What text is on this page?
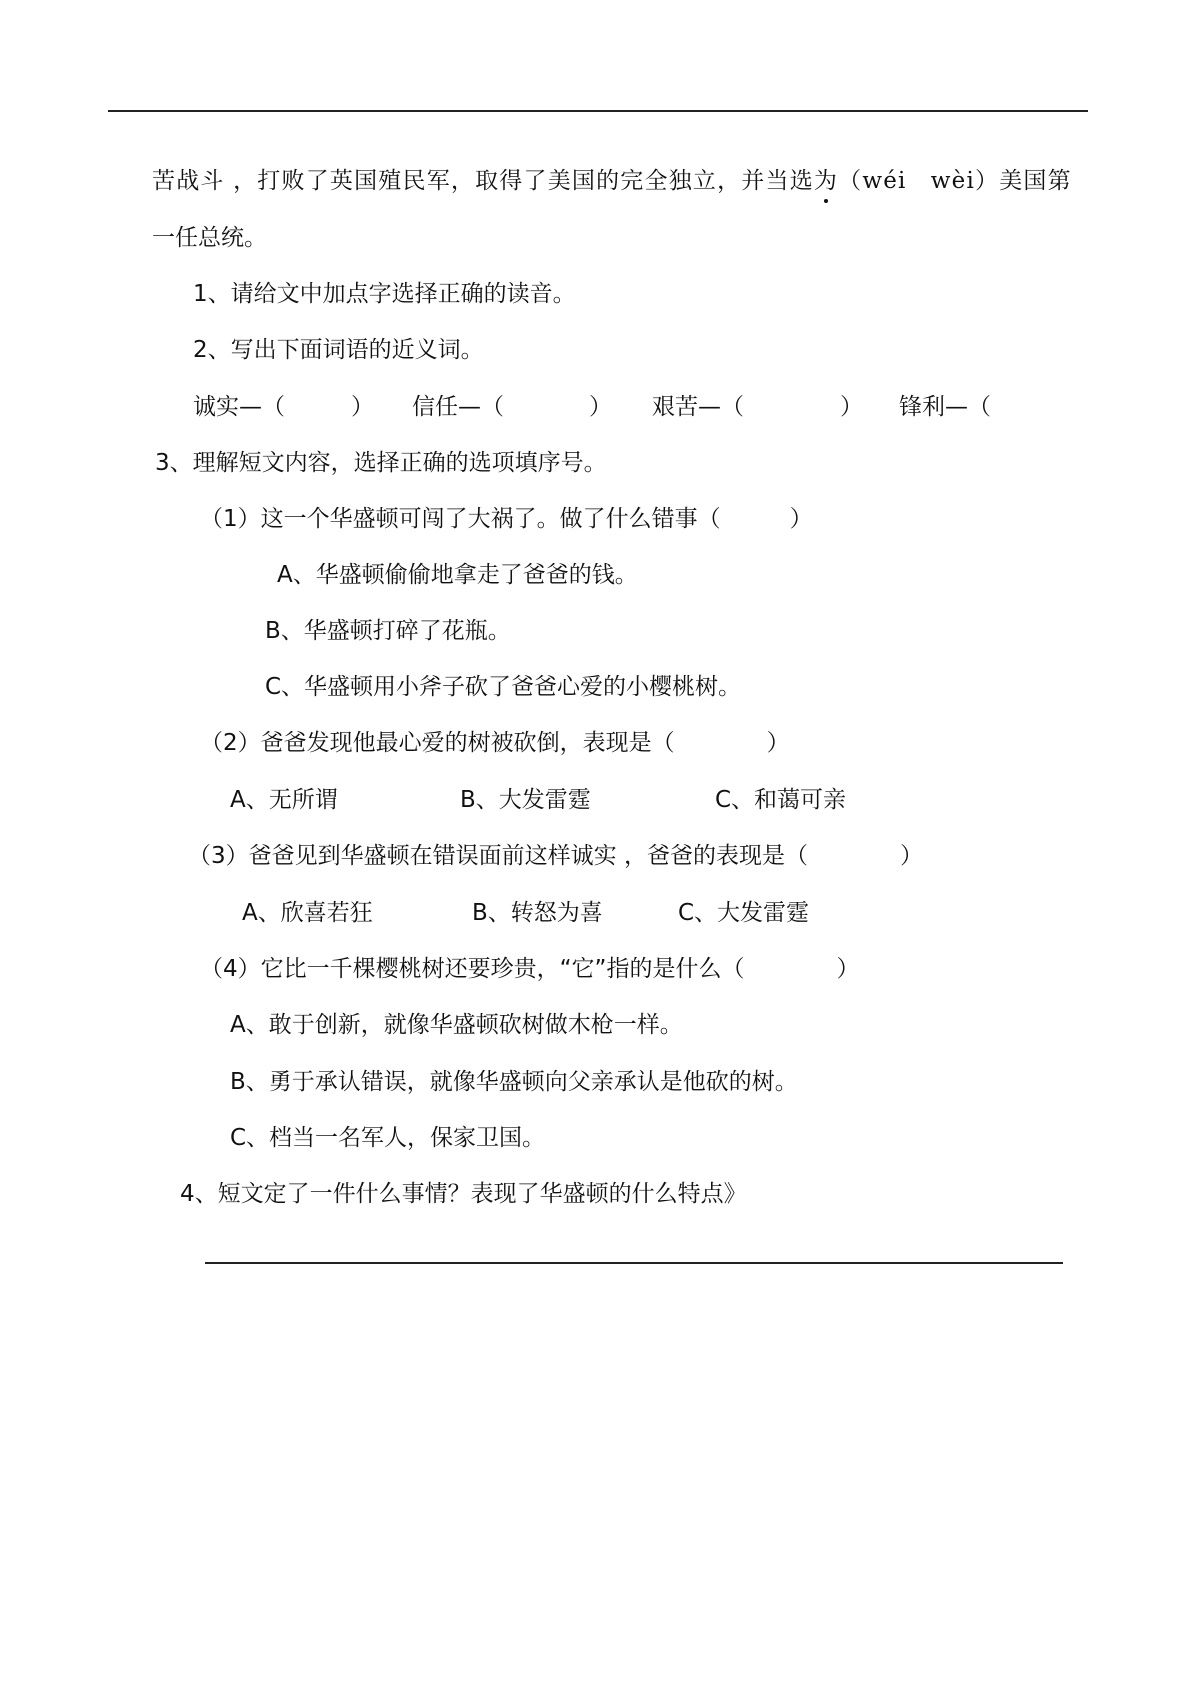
苦战斗 ，打败了英国殖民军，取得了美国的完全独立，并当选为（wéi　wèi）美国第
一任总统。
1、请给文中加点字选择正确的读音。
2、写出下面词语的近义词。
诚实—（	） 信任—（	） 艰苦—（	） 锋利—（
3、理解短文内容，选择正确的选项填序号。
（1）这一个华盛顿可闯了大祸了。做了什么错事（　　　）
A、华盛顿偷偷地拿走了爸爸的钱。
B、华盛顿打碎了花瓶。
C、华盛顿用小斧子砍了爸爸心爱的小樱桃树。
（2）爸爸发现他最心爱的树被砍倒，表现是（　　　　）
A、无所谓	B、大发雷霆	C、和蔼可亲
（3）爸爸见到华盛顿在错误面前这样诚实 ，爸爸的表现是（　　　　）
A、欣喜若狂	B、转怒为喜	C、大发雷霆
（4）它比一千棵樱桃树还要珍贵，“它”指的是什么（　　　　）
A、敢于创新，就像华盛顿砍树做木枪一样。
B、勇于承认错误，就像华盛顿向父亲承认是他砍的树。
C、档当一名军人，保家卫国。
4、短文定了一件什么事情？表现了华盛顿的什么特点》
